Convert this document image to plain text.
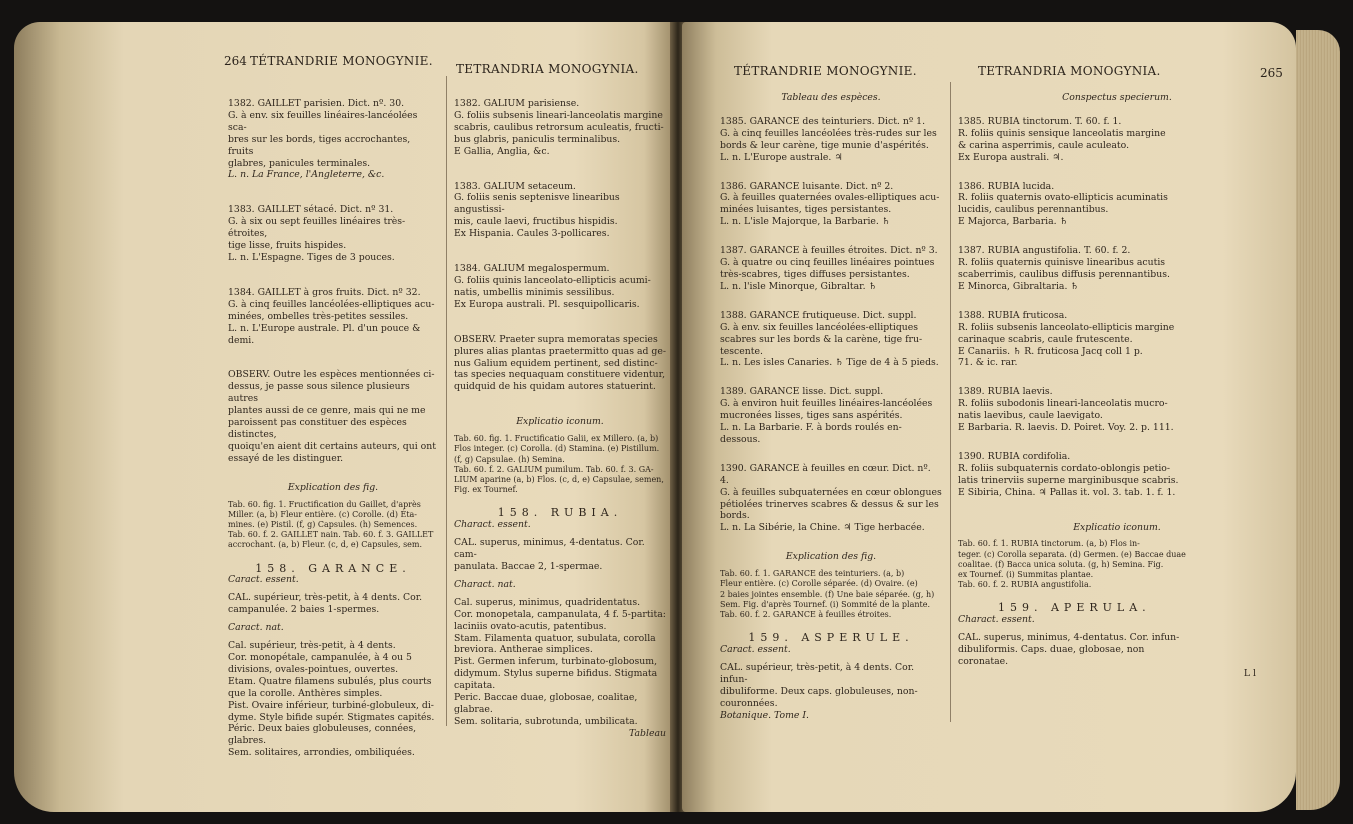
264 TÉTRANDRIE MONOGYNIE.
TETRANDRIA MONOGYNIA.

1382. GAILLET parisien. Dict. nº. 30.

G. à env. six feuilles linéaires-lancéolées sca-

bres sur les bords, tiges accrochantes, fruits

glabres, panicules terminales.

L. n. La France, l'Angleterre, &c.

1383. GAILLET sétacé. Dict. nº 31.

G. à six ou sept feuilles linéaires très-étroites,

tige lisse, fruits hispides.

L. n. L'Espagne. Tiges de 3 pouces.

1384. GAILLET à gros fruits. Dict. nº 32.

G. à cinq feuilles lancéolées-elliptiques acu-

minées, ombelles très-petites sessiles.

L. n. L'Europe australe. Pl. d'un pouce & demi.

OBSERV. Outre les espèces mentionnées ci-

dessus, je passe sous silence plusieurs autres

plantes aussi de ce genre, mais qui ne me

paroissent pas constituer des espèces distinctes,

quoiqu'en aient dit certains auteurs, qui ont

essayé de les distinguer.

Explication des fig.

Tab. 60. fig. 1. Fructification du Gaillet, d'après

Miller. (a, b) Fleur entière. (c) Corolle. (d) Éta-

mines. (e) Pistil. (f, g) Capsules. (h) Semences.

Tab. 60. f. 2. GAILLET nain. Tab. 60. f. 3. GAILLET

accrochant. (a, b) Fleur. (c, d, e) Capsules, sem.

158. GARANCE.

Caract. essent.

CAL. supérieur, très-petit, à 4 dents. Cor.

campanulée. 2 baies 1-spermes.

Caract. nat.

Cal. supérieur, très-petit, à 4 dents.

Cor. monopétale, campanulée, à 4 ou 5

divisions, ovales-pointues, ouvertes.

Etam. Quatre filamens subulés, plus courts

que la corolle. Anthères simples.

Pist. Ovaire inférieur, turbiné-globuleux, di-

dyme. Style bifide supér. Stigmates capités.

Péric. Deux baies globuleuses, connées, glabres.

Sem. solitaires, arrondies, ombiliquées.

1382. GALIUM parisiense.

G. foliis subsenis lineari-lanceolatis margine

scabris, caulibus retrorsum aculeatis, fructi-

bus glabris, paniculis terminalibus.

E Gallia, Anglia, &c.

1383. GALIUM setaceum.

G. foliis senis septenisve linearibus angustissi-

mis, caule laevi, fructibus hispidis.

Ex Hispania. Caules 3-pollicares.

1384. GALIUM megalospermum.

G. foliis quinis lanceolato-ellipticis acumi-

natis, umbellis minimis sessilibus.

Ex Europa australi. Pl. sesquipollicaris.

OBSERV. Praeter supra memoratas species

plures alias plantas praetermitto quas ad ge-

nus Galium equidem pertinent, sed distinc-

tas species nequaquam constituere videntur,

quidquid de his quidam autores statuerint.

Explicatio iconum.

Tab. 60. fig. 1. Fructificatio Galii, ex Millero. (a, b)

Flos integer. (c) Corolla. (d) Stamina. (e) Pistillum.

(f, g) Capsulae. (h) Semina.

Tab. 60. f. 2. GALIUM pumilum. Tab. 60. f. 3. GA-

LIUM aparine (a, b) Flos. (c, d, e) Capsulae, semen,

Fig. ex Tournef.

158. RUBIA.

Charact. essent.

CAL. superus, minimus, 4-dentatus. Cor. cam-

panulata. Baccae 2, 1-spermae.

Charact. nat.

Cal. superus, minimus, quadridentatus.

Cor. monopetala, campanulata, 4 f. 5-partita:

laciniis ovato-acutis, patentibus.

Stam. Filamenta quatuor, subulata, corolla

breviora. Antherae simplices.

Pist. Germen inferum, turbinato-globosum,

didymum. Stylus superne bifidus. Stigmata

capitata.

Peric. Baccae duae, globosae, coalitae, glabrae.

Sem. solitaria, subrotunda, umbilicata.

Tableau

TÉTRANDRIE MONOGYNIE.	TETRANDRIA MONOGYNIA.	265

Tableau des espèces.

1385. GARANCE des teinturiers. Dict. nº 1.

G. à cinq feuilles lancéolées très-rudes sur les

bords & leur carène, tige munie d'aspérités.

L. n. L'Europe australe. ♃

1386. GARANCE luisante. Dict. nº 2.

G. à feuilles quaternées ovales-elliptiques acu-

minées luisantes, tiges persistantes.

L. n. L'isle Majorque, la Barbarie. ♄

1387. GARANCE à feuilles étroites. Dict. nº 3.

G. à quatre ou cinq feuilles linéaires pointues

très-scabres, tiges diffuses persistantes.

L. n. l'isle Minorque, Gibraltar. ♄

1388. GARANCE frutiqueuse. Dict. suppl.

G. à env. six feuilles lancéolées-elliptiques

scabres sur les bords & la carène, tige fru-

tescente.

L. n. Les isles Canaries. ♄ Tige de 4 à 5 pieds.

1389. GARANCE lisse. Dict. suppl.

G. à environ huit feuilles linéaires-lancéolées

mucronées lisses, tiges sans aspérités.

L. n. La Barbarie. F. à bords roulés en-dessous.

1390. GARANCE à feuilles en cœur. Dict. nº. 4.

G. à feuilles subquaternées en cœur oblongues

pétiolées trinerves scabres & dessus & sur les

bords.

L. n. La Sibérie, la Chine. ♃ Tige herbacée.

Explication des fig.

Tab. 60. f. 1. GARANCE des teinturiers. (a, b)

Fleur entière. (c) Corolle séparée. (d) Ovaire. (e)

2 baies jointes ensemble. (f) Une baie séparée. (g, h)

Sem. Fig. d'après Tournef. (i) Sommité de la plante.

Tab. 60. f. 2. GARANCE à feuilles étroites.

159. ASPERULE.

Caract. essent.

CAL. supérieur, très-petit, à 4 dents. Cor. infun-

dibuliforme. Deux caps. globuleuses, non-

couronnées.

Botanique. Tome I.

Conspectus specierum.

1385. RUBIA tinctorum. T. 60. f. 1.

R. foliis quinis sensique lanceolatis margine

& carina asperrimis, caule aculeato.

Ex Europa australi. ♃.

1386. RUBIA lucida.

R. foliis quaternis ovato-ellipticis acuminatis

lucidis, caulibus perennantibus.

E Majorca, Barbaria. ♄

1387. RUBIA angustifolia. T. 60. f. 2.

R. foliis quaternis quinisve linearibus acutis

scaberrimis, caulibus diffusis perennantibus.

E Minorca, Gibraltaria. ♄

1388. RUBIA fruticosa.

R. foliis subsenis lanceolato-ellipticis margine

carinaque scabris, caule frutescente.

E Canariis. ♄ R. fruticosa Jacq coll 1 p.

71. & ic. rar.

1389. RUBIA laevis.

R. foliis subodonis lineari-lanceolatis mucro-

natis laevibus, caule laevigato.

E Barbaria. R. laevis. D. Poiret. Voy. 2. p. 111.

1390. RUBIA cordifolia.

R. foliis subquaternis cordato-oblongis petio-

latis trinerviis superne marginibusque scabris.

E Sibiria, China. ♃ Pallas it. vol. 3. tab. 1. f. 1.

Explicatio iconum.

Tab. 60. f. 1. RUBIA tinctorum. (a, b) Flos in-

teger. (c) Corolla separata. (d) Germen. (e) Baccae duae

coalitae. (f) Bacca unica soluta. (g, h) Semina. Fig.

ex Tournef. (i) Summitas plantae.

Tab. 60. f. 2. RUBIA angustifolia.

159. APERULA.

Charact. essent.

CAL. superus, minimus, 4-dentatus. Cor. infun-

dibuliformis. Caps. duae, globosae, non

coronatae.

L l
